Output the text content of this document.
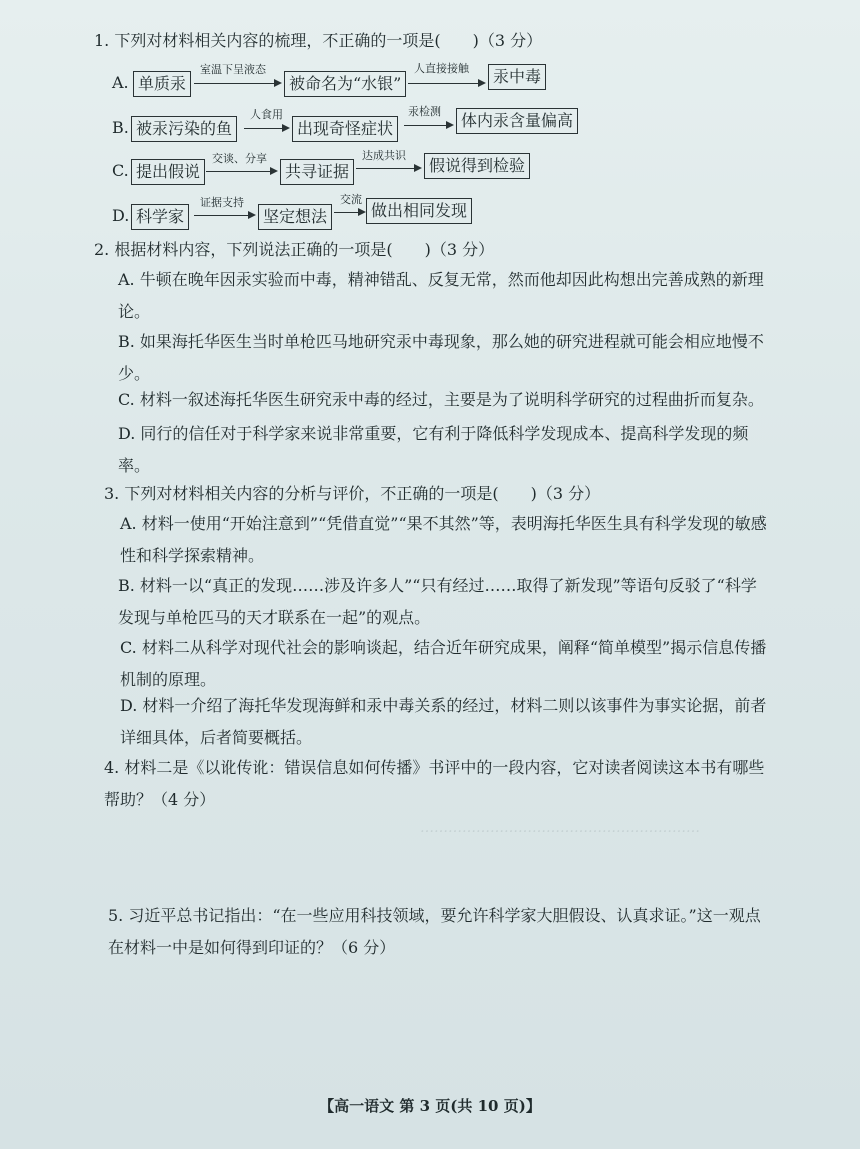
……………………………………………………
1. 下列对材料相关内容的梳理，不正确的一项是(　　)（3 分）
A. 单质汞
室温下呈液态
被命名为“水银”
人直接接触	汞中毒
B. 被汞污染的鱼
人食用
出现奇怪症状
汞检测	体内汞含量偏高
C. 提出假说
交谈、分享
共寻证据
达成共识
假说得到检验
D. 科学家
证据支持
坚定想法
交流
做出相同发现
2. 根据材料内容，下列说法正确的一项是(　　)（3 分）
A. 牛顿在晚年因汞实验而中毒，精神错乱、反复无常，然而他却因此构想出完善成熟的新理论。
B. 如果海托华医生当时单枪匹马地研究汞中毒现象，那么她的研究进程就可能会相应地慢不少。
C. 材料一叙述海托华医生研究汞中毒的经过，主要是为了说明科学研究的过程曲折而复杂。
D. 同行的信任对于科学家来说非常重要，它有利于降低科学发现成本、提高科学发现的频率。
3. 下列对材料相关内容的分析与评价，不正确的一项是(　　)（3 分）
A. 材料一使用“开始注意到”“凭借直觉”“果不其然”等，表明海托华医生具有科学发现的敏感性和科学探索精神。
B. 材料一以“真正的发现……涉及许多人”“只有经过……取得了新发现”等语句反驳了“科学发现与单枪匹马的天才联系在一起”的观点。
C. 材料二从科学对现代社会的影响谈起，结合近年研究成果，阐释“简单模型”揭示信息传播机制的原理。
D. 材料一介绍了海托华发现海鲜和汞中毒关系的经过，材料二则以该事件为事实论据，前者详细具体，后者简要概括。
4. 材料二是《以讹传讹：错误信息如何传播》书评中的一段内容，它对读者阅读这本书有哪些帮助？（4 分）
5. 习近平总书记指出：“在一些应用科技领域，要允许科学家大胆假设、认真求证。”这一观点在材料一中是如何得到印证的？（6 分）
【高一语文 第 3 页(共 10 页)】
